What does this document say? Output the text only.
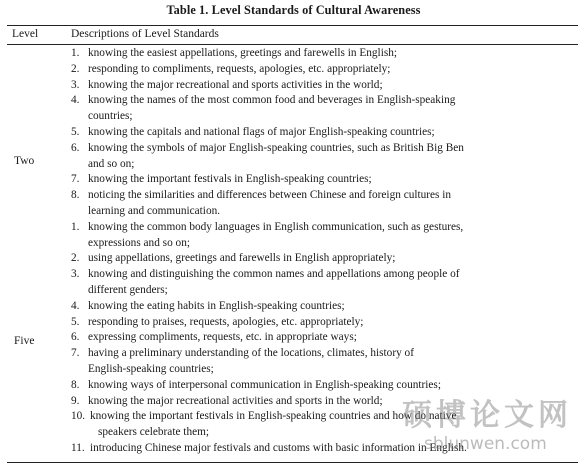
Table 1. Level Standards of Cultural Awareness
Level	Descriptions of Level Standards
Two
Five
1. knowing the easiest appellations, greetings and farewells in English;
2. responding to compliments, requests, apologies, etc. appropriately;
3. knowing the major recreational and sports activities in the world;
4. knowing the names of the most common food and beverages in English-speaking
countries;
5. knowing the capitals and national flags of major English-speaking countries;
6. knowing the symbols of major English-speaking countries, such as British Big Ben
and so on;
7. knowing the important festivals in English-speaking countries;
8. noticing the similarities and differences between Chinese and foreign cultures in
learning and communication.
1. knowing the common body languages in English communication, such as gestures,
expressions and so on;
2. using appellations, greetings and farewells in English appropriately;
3. knowing and distinguishing the common names and appellations among people of
different genders;
4. knowing the eating habits in English-speaking countries;
5. responding to praises, requests, apologies, etc. appropriately;
6. expressing compliments, requests, etc. in appropriate ways;
7. having a preliminary understanding of the locations, climates, history of
English-speaking countries;
8. knowing ways of interpersonal communication in English-speaking countries;
9. knowing the major recreational activities and sports in the world;
10. knowing the important festivals in English-speaking countries and how do native
speakers celebrate them;
11. introducing Chinese major festivals and customs with basic information in English.
硕博论文网
sblunwen.com
